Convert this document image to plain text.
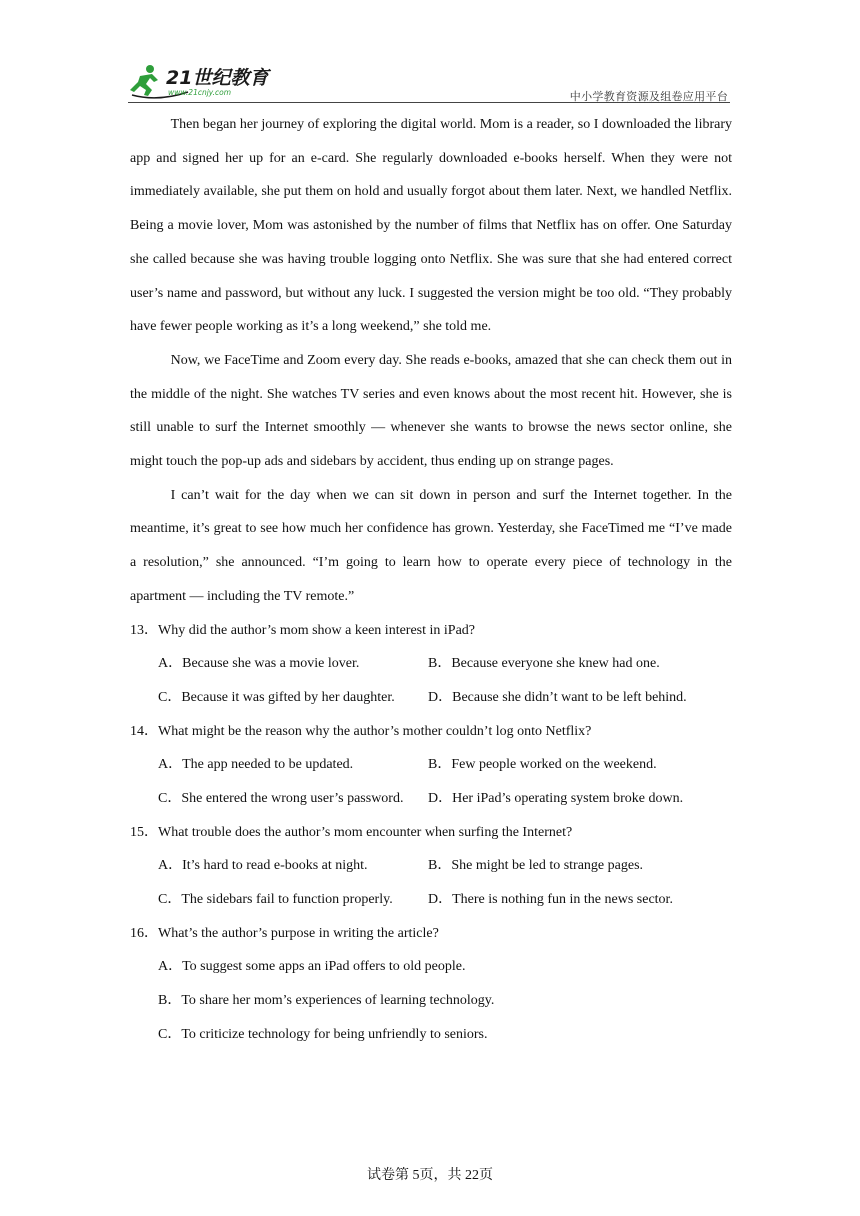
21世纪教育
www.21cnjy.com	中小学教育资源及组卷应用平台

Then began her journey of exploring the digital world. Mom is a reader, so I downloaded the library app and signed her up for an e-card. She regularly downloaded e-books herself. When they were not immediately available, she put them on hold and usually forgot about them later. Next, we handled Netflix. Being a movie lover, Mom was astonished by the number of films that Netflix has on offer. One Saturday she called because she was having trouble logging onto Netflix. She was sure that she had entered correct user’s name and password, but without any luck. I suggested the version might be too old. “They probably have fewer people working as it’s a long weekend,” she told me.

Now, we FaceTime and Zoom every day. She reads e-books, amazed that she can check them out in the middle of the night. She watches TV series and even knows about the most recent hit. However, she is still unable to surf the Internet smoothly — whenever she wants to browse the news sector online, she might touch the pop-up ads and sidebars by accident, thus ending up on strange pages.

I can’t wait for the day when we can sit down in person and surf the Internet together. In the meantime, it’s great to see how much her confidence has grown. Yesterday, she FaceTimed me “I’ve made a resolution,” she announced. “I’m going to learn how to operate every piece of technology in the apartment — including the TV remote.”

13．Why did the author’s mom show a keen interest in iPad?
A．Because she was a movie lover.	B．Because everyone she knew had one.
C．Because it was gifted by her daughter. D．Because she didn’t want to be left behind.
14．What might be the reason why the author’s mother couldn’t log onto Netflix?
A．The app needed to be updated.	B．Few people worked on the weekend.
C．She entered the wrong user’s password. D．Her iPad’s operating system broke down.
15．What trouble does the author’s mom encounter when surfing the Internet?
A．It’s hard to read e-books at night.	B．She might be led to strange pages.
C．The sidebars fail to function properly.	D．There is nothing fun in the news sector.
16．What’s the author’s purpose in writing the article?
A．To suggest some apps an iPad offers to old people.
B．To share her mom’s experiences of learning technology.
C．To criticize technology for being unfriendly to seniors.
试卷第 5页，共 22页
